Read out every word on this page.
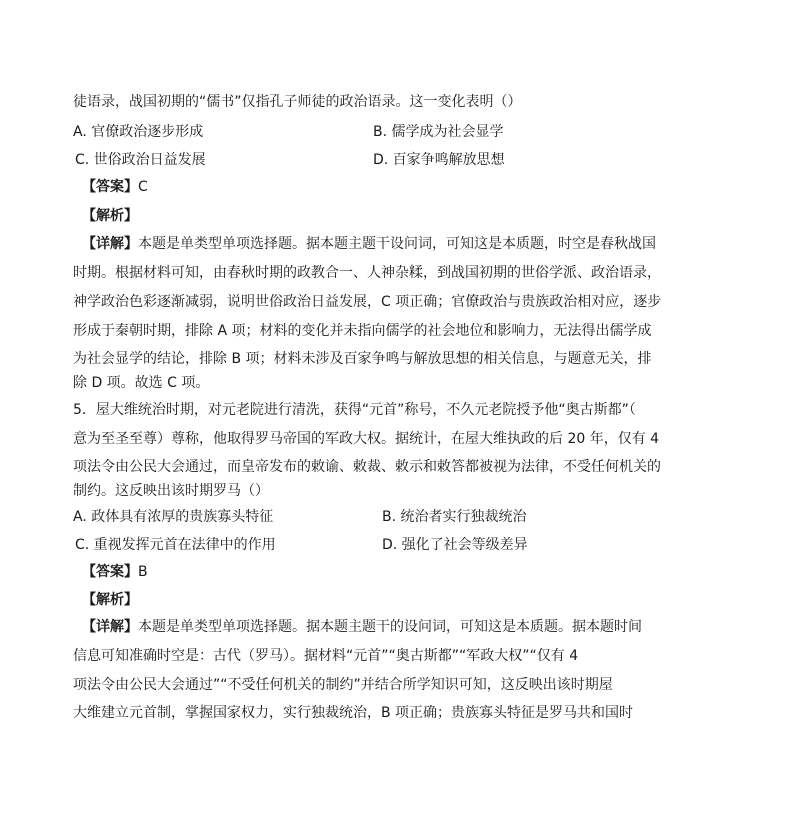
徒语录，战国初期的“儒书”仅指孔子师徒的政治语录。这一变化表明（）
A. 官僚政治逐步形成	B. 儒学成为社会显学
C. 世俗政治日益发展	D. 百家争鸣解放思想
【答案】C
【解析】
【详解】本题是单类型单项选择题。据本题主题干设问词，可知这是本质题，时空是春秋战国
时期。根据材料可知，由春秋时期的政教合一、人神杂糅，到战国初期的世俗学派、政治语录，
神学政治色彩逐渐减弱，说明世俗政治日益发展，C 项正确；官僚政治与贵族政治相对应，逐步
形成于秦朝时期，排除 A 项；材料的变化并未指向儒学的社会地位和影响力，无法得出儒学成
为社会显学的结论，排除 B 项；材料未涉及百家争鸣与解放思想的相关信息，与题意无关，排
除 D 项。故选 C 项。
5．屋大维统治时期，对元老院进行清洗，获得“元首”称号，不久元老院授予他“奥古斯都”（
意为至圣至尊）尊称，他取得罗马帝国的军政大权。据统计，在屋大维执政的后 20 年，仅有 4
项法令由公民大会通过，而皇帝发布的敕谕、敕裁、敕示和敕答都被视为法律，不受任何机关的
制约。这反映出该时期罗马（）
A. 政体具有浓厚的贵族寡头特征	B. 统治者实行独裁统治
C. 重视发挥元首在法律中的作用	D. 强化了社会等级差异
【答案】B
【解析】
【详解】本题是单类型单项选择题。据本题主题干的设问词，可知这是本质题。据本题时间
信息可知准确时空是：古代（罗马）。据材料“元首”“奥古斯都”“军政大权”“仅有 4
项法令由公民大会通过”“不受任何机关的制约”并结合所学知识可知，这反映出该时期屋
大维建立元首制，掌握国家权力，实行独裁统治，B 项正确；贵族寡头特征是罗马共和国时
